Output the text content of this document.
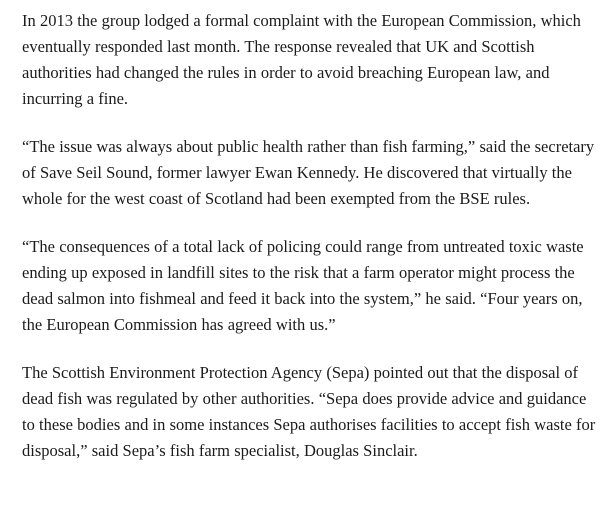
In 2013 the group lodged a formal complaint with the European Commission, which eventually responded last month. The response revealed that UK and Scottish authorities had changed the rules in order to avoid breaching European law, and incurring a fine.

“The issue was always about public health rather than fish farming,” said the secretary of Save Seil Sound, former lawyer Ewan Kennedy. He discovered that virtually the whole for the west coast of Scotland had been exempted from the BSE rules.

“The consequences of a total lack of policing could range from untreated toxic waste ending up exposed in landfill sites to the risk that a farm operator might process the dead salmon into fishmeal and feed it back into the system,” he said. “Four years on, the European Commission has agreed with us.”

The Scottish Environment Protection Agency (Sepa) pointed out that the disposal of dead fish was regulated by other authorities. “Sepa does provide advice and guidance to these bodies and in some instances Sepa authorises facilities to accept fish waste for disposal,” said Sepa’s fish farm specialist, Douglas Sinclair.
